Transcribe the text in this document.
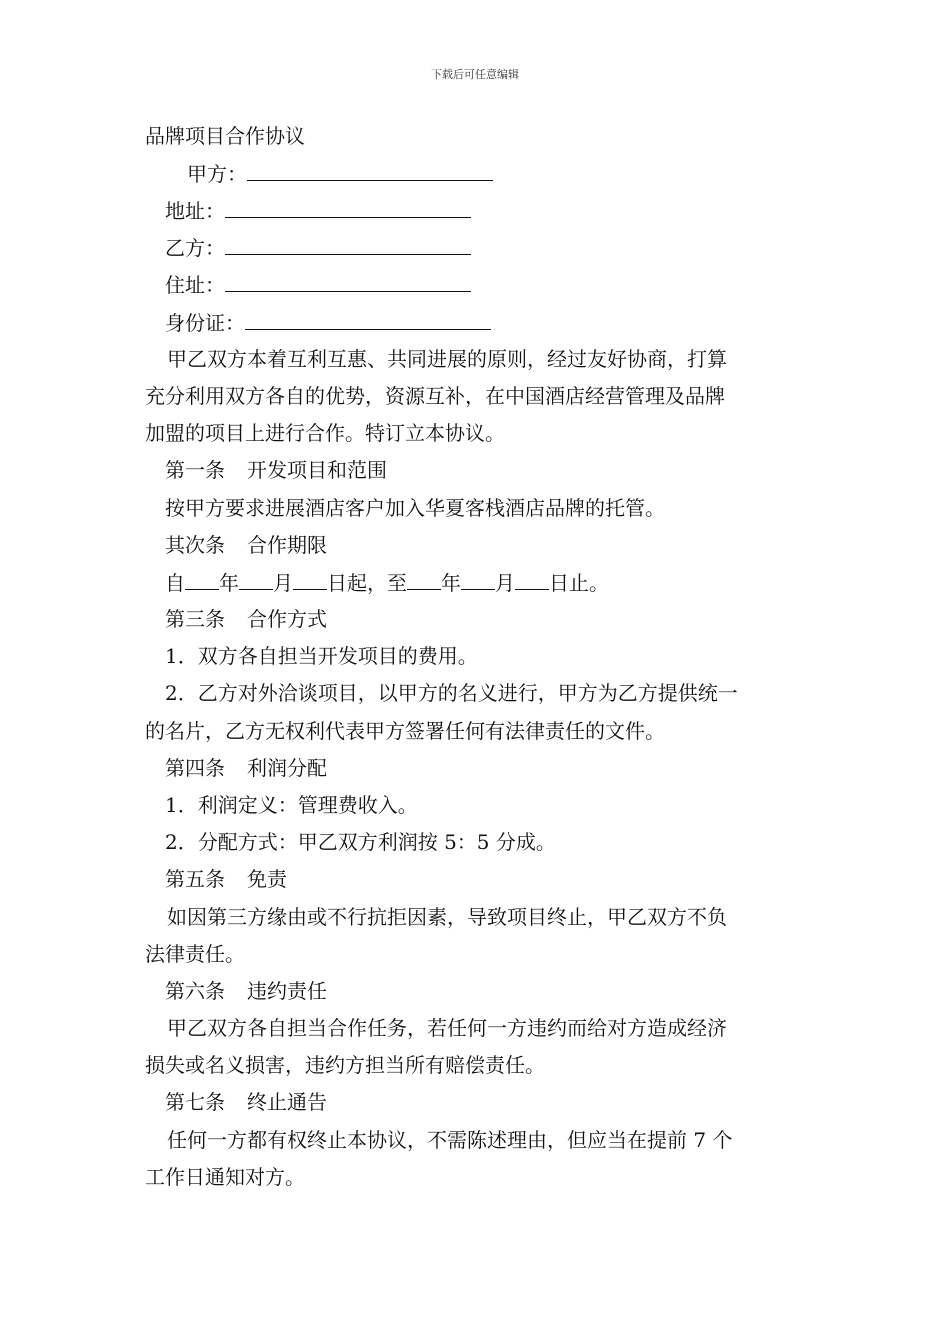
下载后可任意编辑
品牌项目合作协议
甲方：
地址：
乙方：
住址：
身份证：
甲乙双方本着互利互惠、共同进展的原则，经过友好协商，打算
充分利用双方各自的优势，资源互补，在中国酒店经营管理及品牌
加盟的项目上进行合作。特订立本协议。
第一条 开发项目和范围
按甲方要求进展酒店客户加入华夏客栈酒店品牌的托管。
其次条 合作期限
自 年 月 日起，至 年 月 日止。
第三条 合作方式
1．双方各自担当开发项目的费用。
2．乙方对外洽谈项目，以甲方的名义进行，甲方为乙方提供统一
的名片，乙方无权利代表甲方签署任何有法律责任的文件。
第四条 利润分配
1．利润定义：管理费收入。
2．分配方式：甲乙双方利润按 5：5 分成。
第五条 免责
如因第三方缘由或不行抗拒因素，导致项目终止，甲乙双方不负
法律责任。
第六条 违约责任
甲乙双方各自担当合作任务，若任何一方违约而给对方造成经济
损失或名义损害，违约方担当所有赔偿责任。
第七条 终止通告
任何一方都有权终止本协议，不需陈述理由，但应当在提前 7 个
工作日通知对方。
